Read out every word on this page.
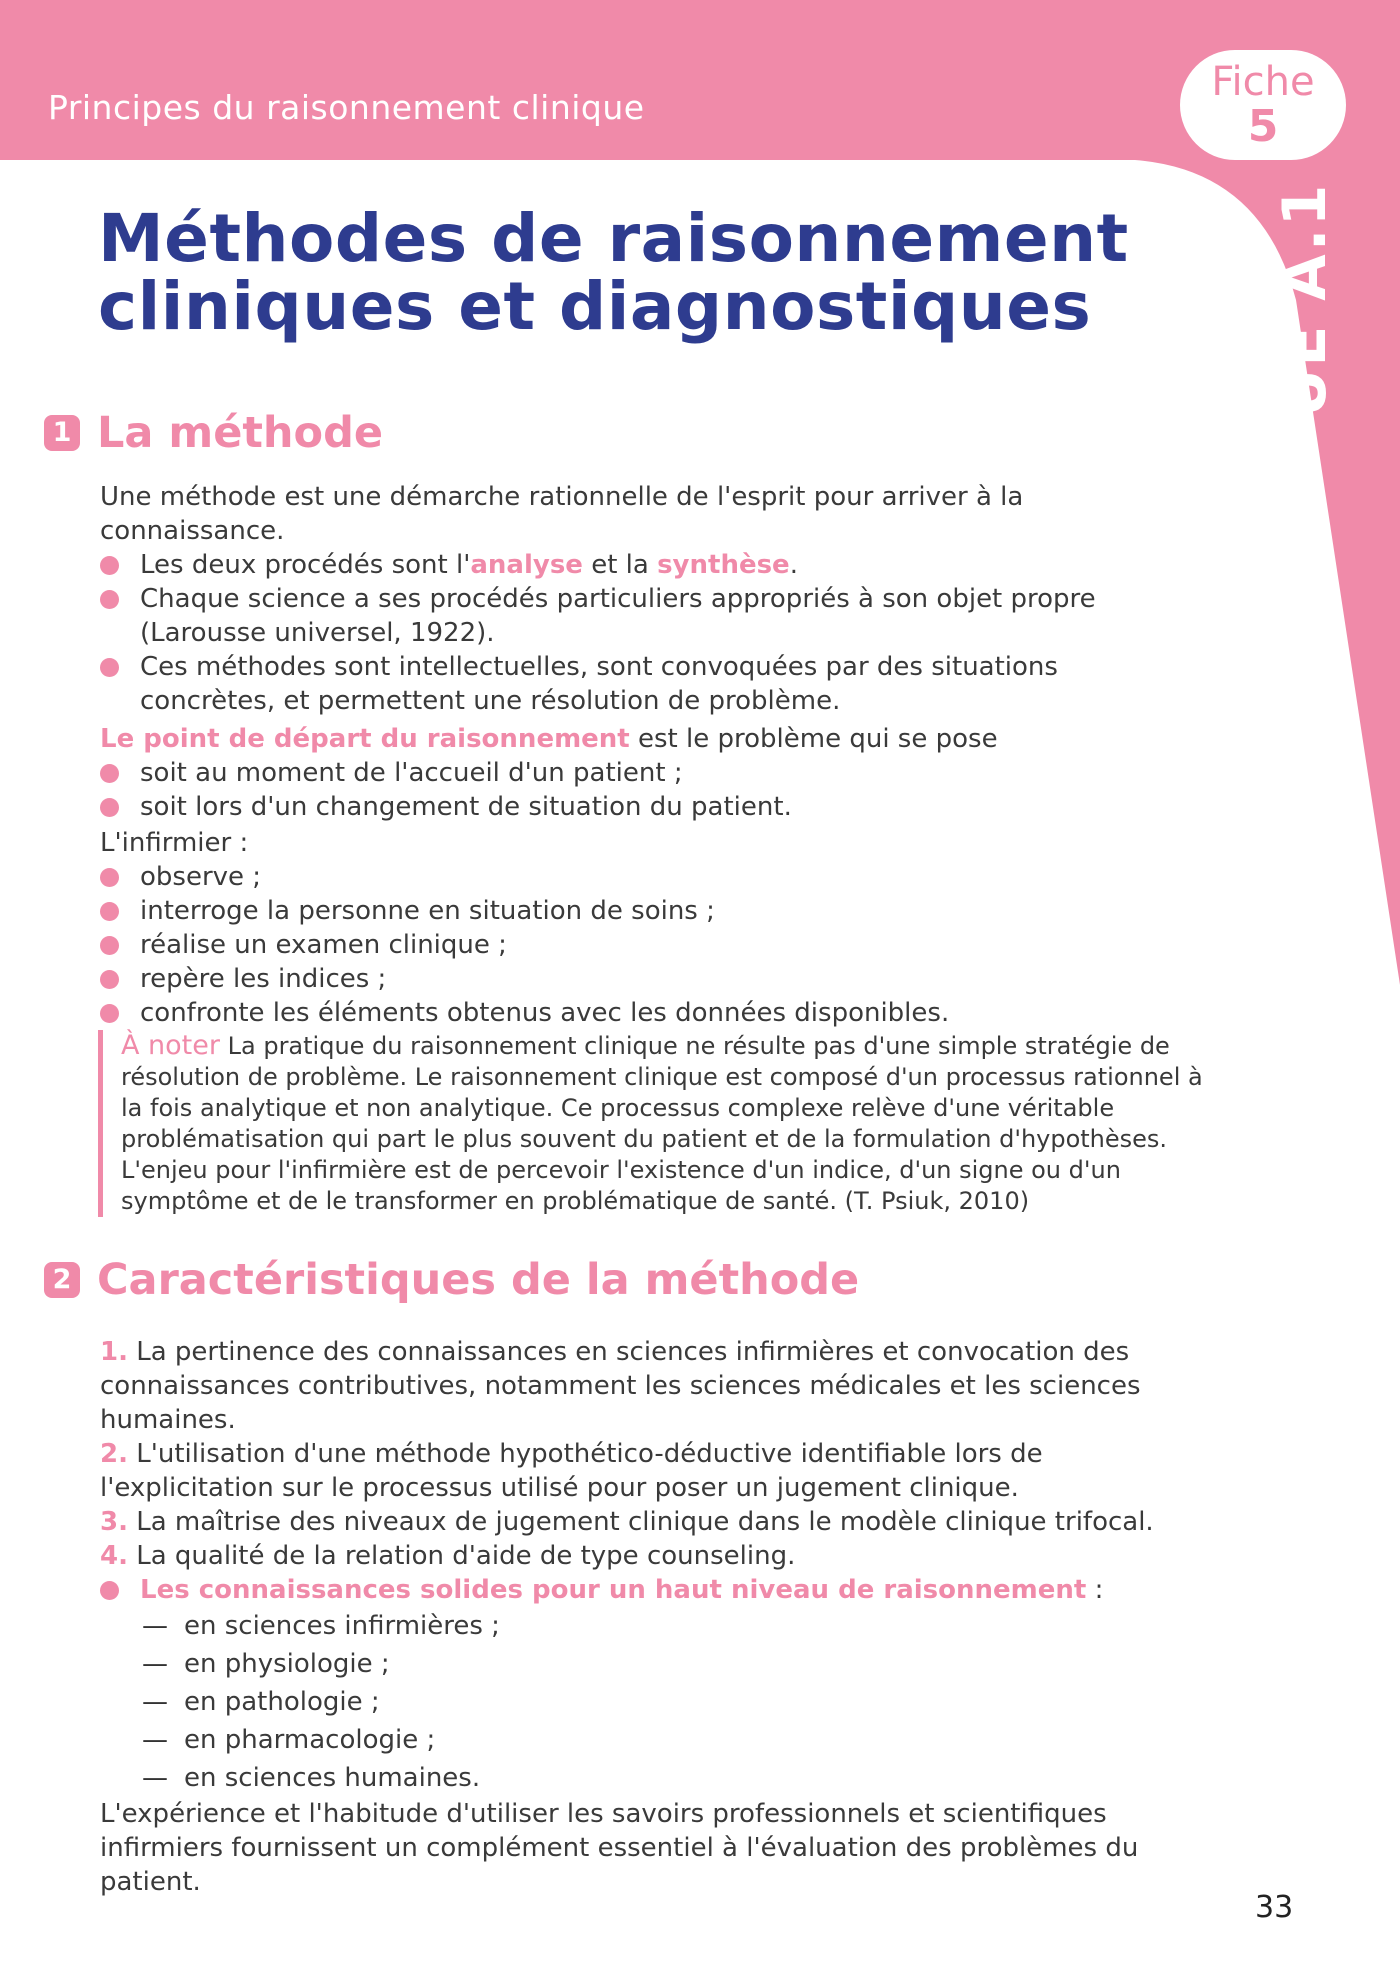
Principes du raisonnement clinique
Fiche
5
UE A.1
Méthodes de raisonnement
cliniques et diagnostiques
1 La méthode

Une méthode est une démarche rationnelle de l'esprit pour arriver à la connaissance.

Les deux procédés sont l'analyse et la synthèse.
Chaque science a ses procédés particuliers appropriés à son objet propre (Larousse universel, 1922).
Ces méthodes sont intellectuelles, sont convoquées par des situations concrètes, et permettent une résolution de problème.

Le point de départ du raisonnement est le problème qui se pose

soit au moment de l'accueil d'un patient ;
soit lors d'un changement de situation du patient.

L'infirmier :

observe ;
interroge la personne en situation de soins ;
réalise un examen clinique ;
repère les indices ;
confronte les éléments obtenus avec les données disponibles.
À noter La pratique du raisonnement clinique ne résulte pas d'une simple stratégie de résolution de problème. Le raisonnement clinique est composé d'un processus rationnel à la fois analytique et non analytique. Ce processus complexe relève d'une véritable problématisation qui part le plus souvent du patient et de la formulation d'hypothèses. L'enjeu pour l'infirmière est de percevoir l'existence d'un indice, d'un signe ou d'un symptôme et de le transformer en problématique de santé. (T. Psiuk, 2010)
2 Caractéristiques de la méthode

1. La pertinence des connaissances en sciences infirmières et convocation des connaissances contributives, notamment les sciences médicales et les sciences humaines.

2. L'utilisation d'une méthode hypothético-déductive identifiable lors de l'explicitation sur le processus utilisé pour poser un jugement clinique.

3. La maîtrise des niveaux de jugement clinique dans le modèle clinique trifocal.

4. La qualité de la relation d'aide de type counseling.

Les connaissances solides pour un haut niveau de raisonnement :
— en sciences infirmières ;
— en physiologie ;
— en pathologie ;
— en pharmacologie ;
— en sciences humaines.

L'expérience et l'habitude d'utiliser les savoirs professionnels et scientifiques infirmiers fournissent un complément essentiel à l'évaluation des problèmes du patient.

33
